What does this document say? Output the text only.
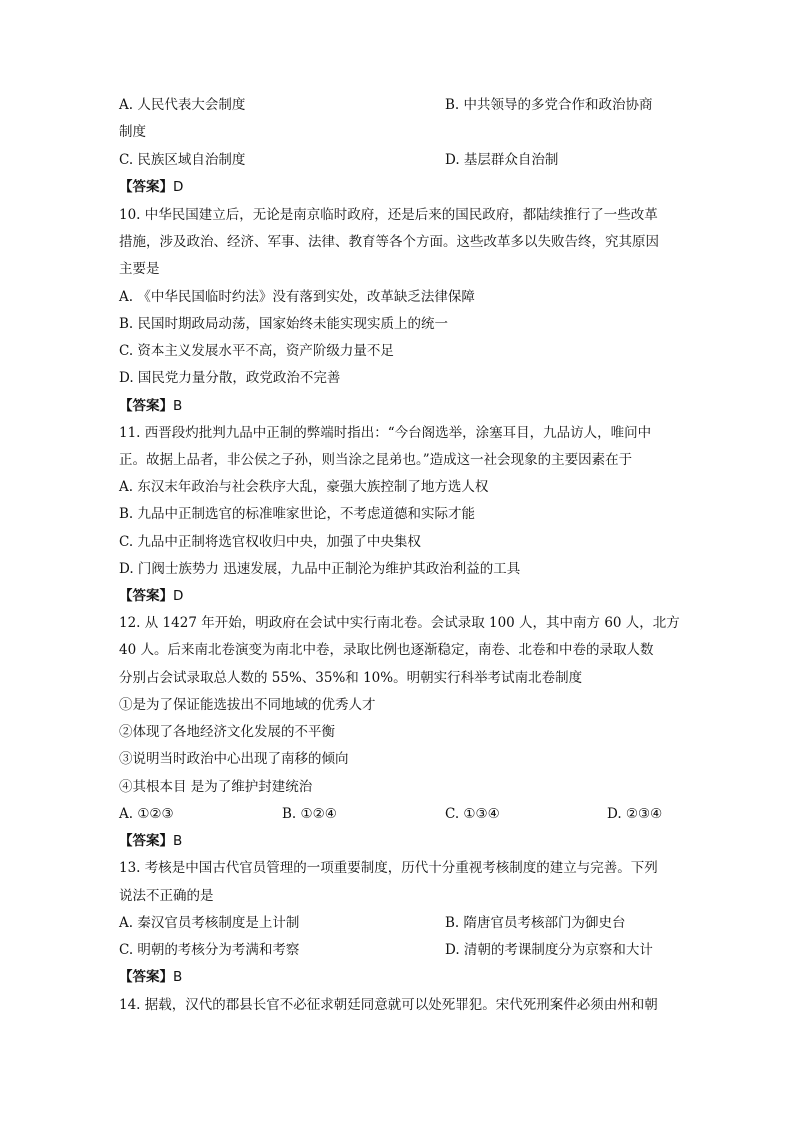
A. 人民代表大会制度	B. 中共领导的多党合作和政治协商
制度
C. 民族区域自治制度	D. 基层群众自治制
【答案】D
10. 中华民国建立后，无论是南京临时政府，还是后来的国民政府，都陆续推行了一些改革
措施，涉及政治、经济、军事、法律、教育等各个方面。这些改革多以失败告终，究其原因
主要是
A. 《中华民国临时约法》没有落到实处，改革缺乏法律保障
B. 民国时期政局动荡，国家始终未能实现实质上的统一
C. 资本主义发展水平不高，资产阶级力量不足
D. 国民党力量分散，政党政治不完善
【答案】B
11. 西晋段灼批判九品中正制的弊端时指出：“今台阁选举，涂塞耳目，九品访人，唯问中
正。故据上品者，非公侯之子孙，则当涂之昆弟也。”造成这一社会现象的主要因素在于
A. 东汉末年政治与社会秩序大乱，豪强大族控制了地方选人权
B. 九品中正制选官的标准唯家世论，不考虑道德和实际才能
C. 九品中正制将选官权收归中央，加强了中央集权
D. 门阀士族势力 迅速发展，九品中正制沦为维护其政治利益的工具
【答案】D
12. 从 1427 年开始，明政府在会试中实行南北卷。会试录取 100 人，其中南方 60 人，北方
40 人。后来南北卷演变为南北中卷，录取比例也逐渐稳定，南卷、北卷和中卷的录取人数
分别占会试录取总人数的 55%、35%和 10%。明朝实行科举考试南北卷制度
①是为了保证能选拔出不同地域的优秀人才
②体现了各地经济文化发展的不平衡
③说明当时政治中心出现了南移的倾向
④其根本目 是为了维护封建统治
A. ①②③	B. ①②④	C. ①③④	D. ②③④
【答案】B
13. 考核是中国古代官员管理的一项重要制度，历代十分重视考核制度的建立与完善。下列
说法不正确的是
A. 秦汉官员考核制度是上计制	B. 隋唐官员考核部门为御史台
C. 明朝的考核分为考满和考察	D. 清朝的考课制度分为京察和大计
【答案】B
14. 据载，汉代的郡县长官不必征求朝廷同意就可以处死罪犯。宋代死刑案件必须由州和朝
